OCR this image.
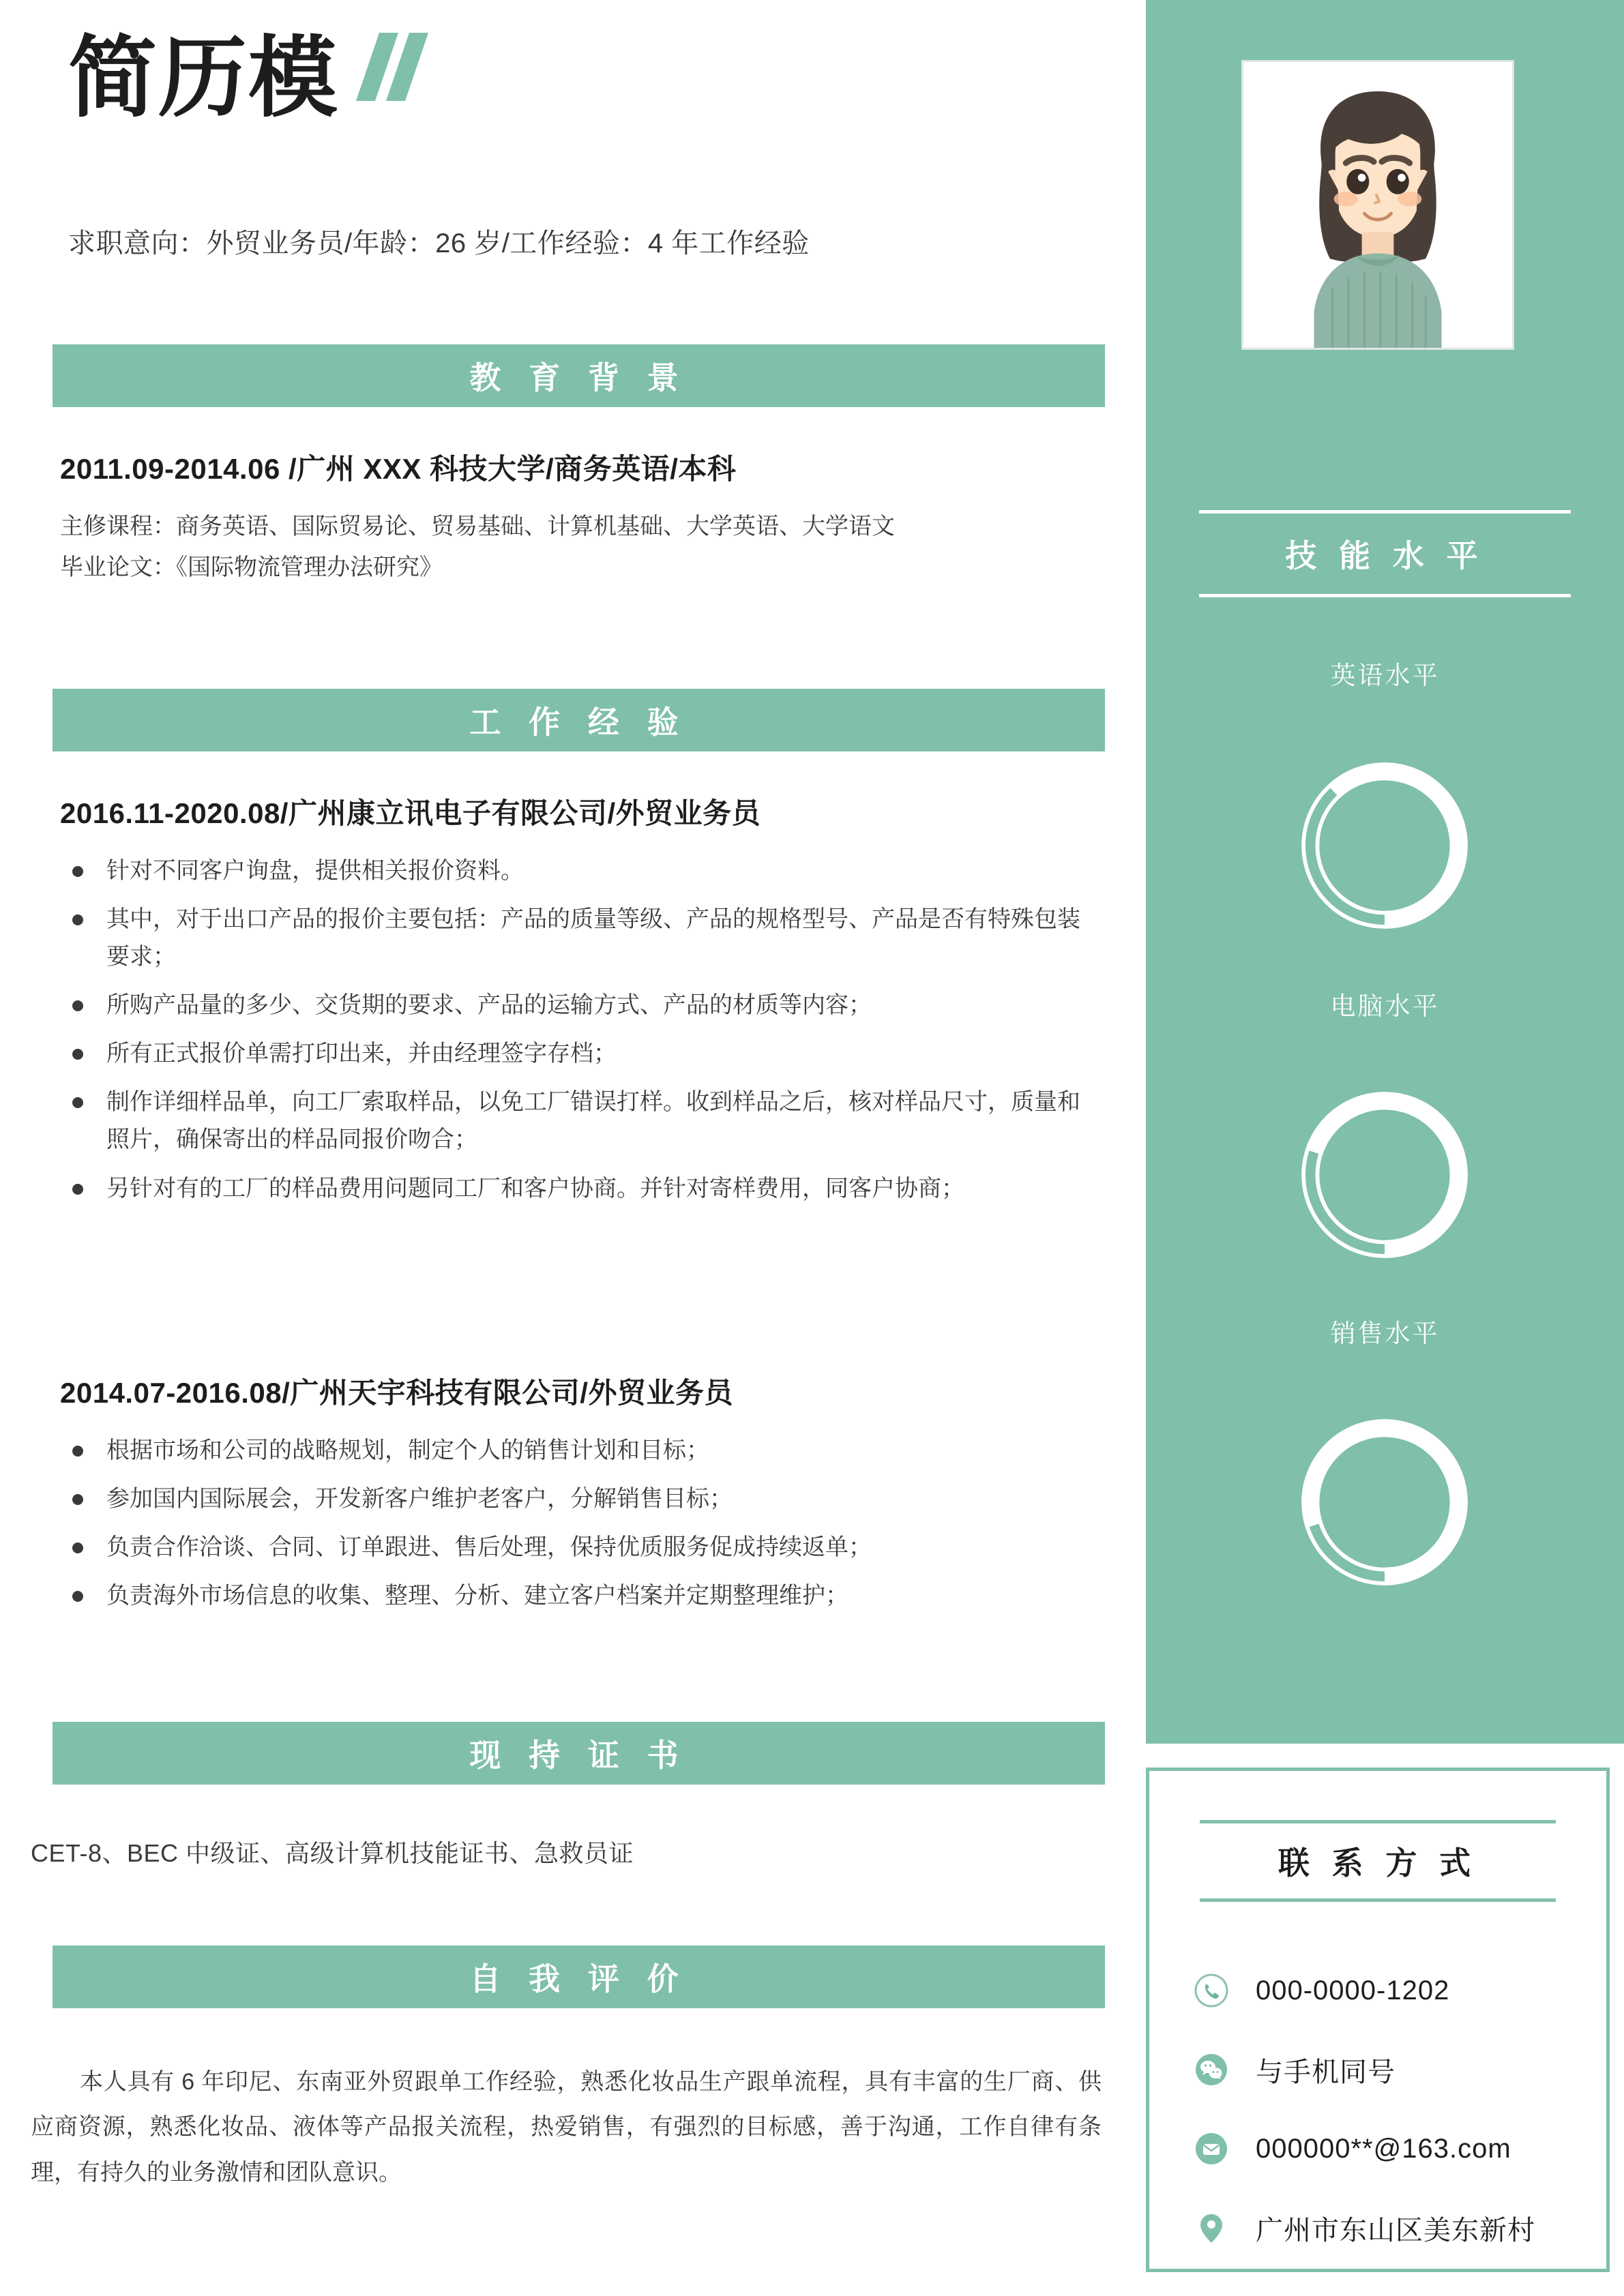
简历模
求职意向：外贸业务员/年龄：26 岁/工作经验：4 年工作经验
教 育 背 景
2011.09-2014.06 /广州 XXX 科技大学/商务英语/本科
主修课程：商务英语、国际贸易论、贸易基础、计算机基础、大学英语、大学语文
毕业论文：《国际物流管理办法研究》
工 作 经 验
2016.11-2020.08/广州康立讯电子有限公司/外贸业务员
针对不同客户询盘，提供相关报价资料。
其中，对于出口产品的报价主要包括：产品的质量等级、产品的规格型号、产品是否有特殊包装要求；
所购产品量的多少、交货期的要求、产品的运输方式、产品的材质等内容；
所有正式报价单需打印出来，并由经理签字存档；
制作详细样品单，向工厂索取样品，以免工厂错误打样。收到样品之后，核对样品尺寸，质量和照片，确保寄出的样品同报价吻合；
另针对有的工厂的样品费用问题同工厂和客户协商。并针对寄样费用，同客户协商；
2014.07-2016.08/广州天宇科技有限公司/外贸业务员
根据市场和公司的战略规划，制定个人的销售计划和目标；
参加国内国际展会，开发新客户维护老客户，分解销售目标；
负责合作洽谈、合同、订单跟进、售后处理，保持优质服务促成持续返单；
负责海外市场信息的收集、整理、分析、建立客户档案并定期整理维护；
现 持 证 书
CET-8、BEC 中级证、高级计算机技能证书、急救员证
自 我 评 价
本人具有 6 年印尼、东南亚外贸跟单工作经验，熟悉化妆品生产跟单流程，具有丰富的生厂商、供应商资源，熟悉化妆品、液体等产品报关流程，热爱销售，有强烈的目标感，善于沟通，工作自律有条理，有持久的业务激情和团队意识。
技 能 水 平
英语水平
电脑水平
销售水平
联 系 方 式
000-0000-1202
与手机同号
000000**@163.com
广州市东山区美东新村
